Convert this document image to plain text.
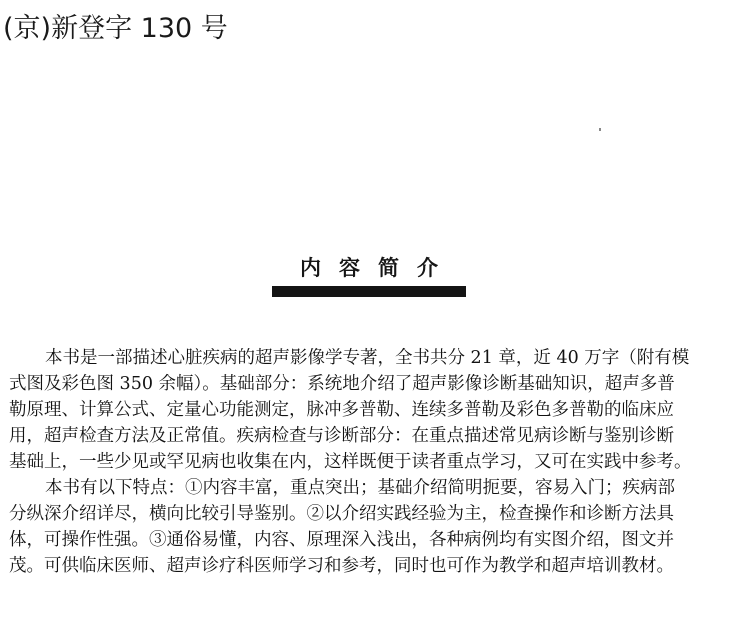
(京)新登字 130 号
内容简介
本书是一部描述心脏疾病的超声影像学专著，全书共分 21 章，近 40 万字（附有模
式图及彩色图 350 余幅）。基础部分：系统地介绍了超声影像诊断基础知识，超声多普
勒原理、计算公式、定量心功能测定，脉冲多普勒、连续多普勒及彩色多普勒的临床应
用，超声检查方法及正常值。疾病检查与诊断部分：在重点描述常见病诊断与鉴别诊断
基础上，一些少见或罕见病也收集在内，这样既便于读者重点学习，又可在实践中参考。
本书有以下特点：①内容丰富，重点突出；基础介绍简明扼要，容易入门；疾病部
分纵深介绍详尽，横向比较引导鉴别。②以介绍实践经验为主，检查操作和诊断方法具
体，可操作性强。③通俗易懂，内容、原理深入浅出，各种病例均有实图介绍，图文并
茂。可供临床医师、超声诊疗科医师学习和参考，同时也可作为教学和超声培训教材。
